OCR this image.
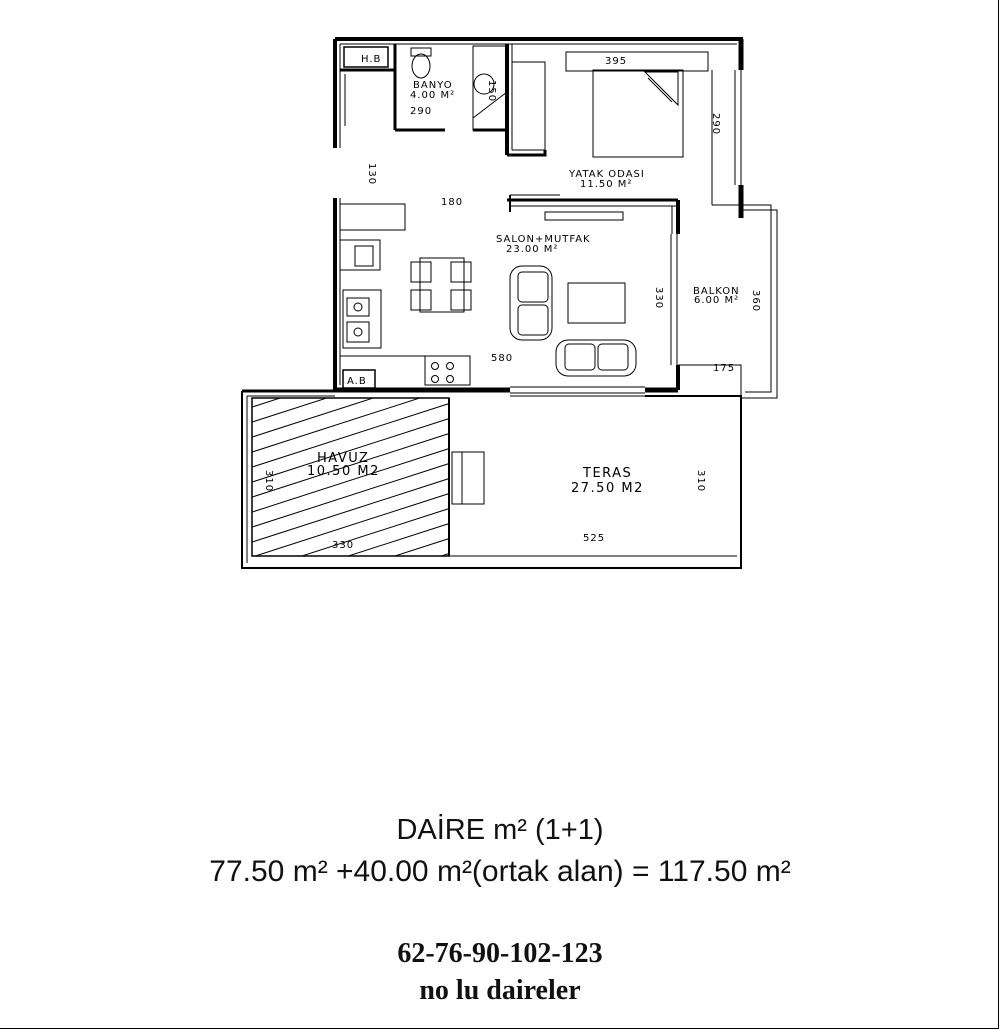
H.B
A.B
BANYO
4.00 M²
YATAK ODASI
11.50 M²
SALON+MUTFAK
23.00 M²
BALKON
6.00 M²
HAVUZ
10.50 M2	TERAS
27.50 M2
395
290
180
580
175
330
525
290
150
130
330	360
310	310
DAİRE m² (1+1)
77.50 m² +40.00 m²(ortak alan) = 117.50 m²
62-76-90-102-123
no lu daireler
